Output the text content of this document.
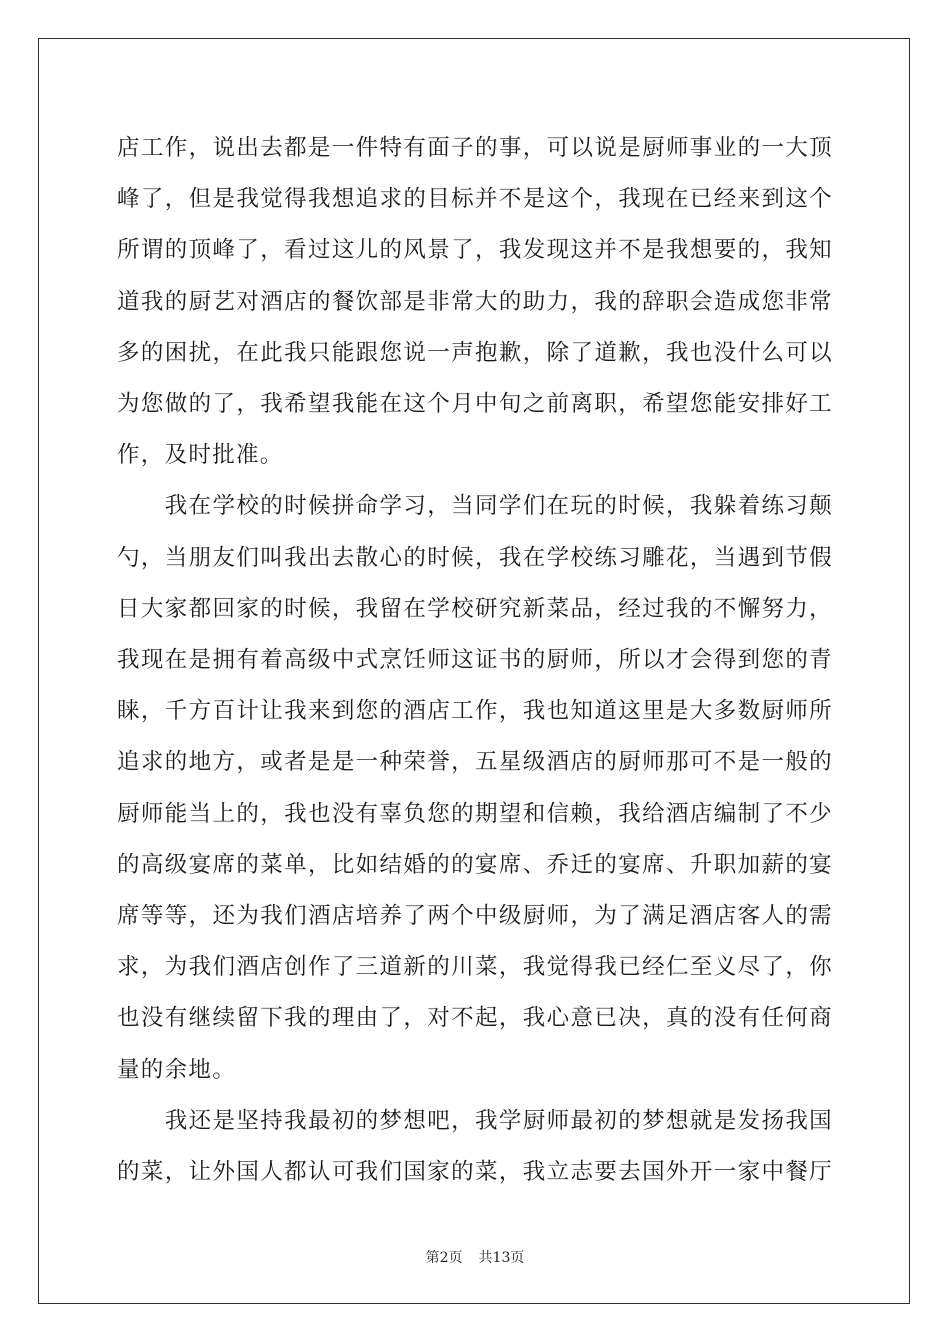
店工作，说出去都是一件特有面子的事，可以说是厨师事业的一大顶
峰了，但是我觉得我想追求的目标并不是这个，我现在已经来到这个
所谓的顶峰了，看过这儿的风景了，我发现这并不是我想要的，我知
道我的厨艺对酒店的餐饮部是非常大的助力，我的辞职会造成您非常
多的困扰，在此我只能跟您说一声抱歉，除了道歉，我也没什么可以
为您做的了，我希望我能在这个月中旬之前离职，希望您能安排好工
作，及时批准。
　　我在学校的时候拼命学习，当同学们在玩的时候，我躲着练习颠
勺，当朋友们叫我出去散心的时候，我在学校练习雕花，当遇到节假
日大家都回家的时候，我留在学校研究新菜品，经过我的不懈努力，
我现在是拥有着高级中式烹饪师这证书的厨师，所以才会得到您的青
睐，千方百计让我来到您的酒店工作，我也知道这里是大多数厨师所
追求的地方，或者是是一种荣誉，五星级酒店的厨师那可不是一般的
厨师能当上的，我也没有辜负您的期望和信赖，我给酒店编制了不少
的高级宴席的菜单，比如结婚的的宴席、乔迁的宴席、升职加薪的宴
席等等，还为我们酒店培养了两个中级厨师，为了满足酒店客人的需
求，为我们酒店创作了三道新的川菜，我觉得我已经仁至义尽了，你
也没有继续留下我的理由了，对不起，我心意已决，真的没有任何商
量的余地。
　　我还是坚持我最初的梦想吧，我学厨师最初的梦想就是发扬我国
的菜，让外国人都认可我们国家的菜，我立志要去国外开一家中餐厅
第2页 共13页
